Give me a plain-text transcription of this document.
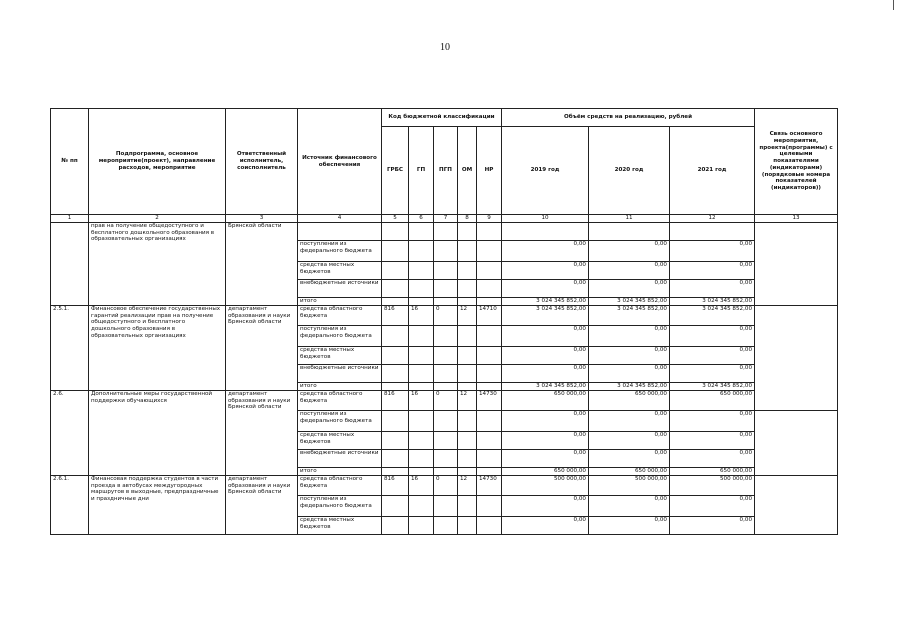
10
№ пп	Подпрограмма, основное мероприятие(проект), направление расходов, мероприятие	Ответственный исполнитель, соисполнитель	Источник финансового обеспечения	Код бюджетной классификации					Объём средств на реализацию, рублей			Связь основного мероприятия, проекта(программы) с целевыми показателями (индикаторами) (порядковые номера показателей (индикаторов))
				ГРБС	ГП	ПГП	ОМ	НР	2019 год	2020 год	2021 год	
1	2	3	4	5	6	7	8	9	10	11	12	13
	прав на получение общедоступного и бесплатного дошкольного образования в образовательных организациях	Брянской области										
			поступления из федерального бюджета						0,00	0,00	0,00	
			средства местных бюджетов						0,00	0,00	0,00	
			внебюджетные источники						0,00	0,00	0,00	
			итого						3 024 345 852,00	3 024 345 852,00	3 024 345 852,00	
2.5.1.	Финансовое обеспечение государственных гарантий реализации прав на получение общедоступного и бесплатного дошкольного образования в образовательных организациях	департамент образования и науки Брянской области	средства областного бюджета	816	16	0	12	14710	3 024 345 852,00	3 024 345 852,00	3 024 345 852,00	
			поступления из федерального бюджета						0,00	0,00	0,00	
			средства местных бюджетов						0,00	0,00	0,00	
			внебюджетные источники						0,00	0,00	0,00	
			итого						3 024 345 852,00	3 024 345 852,00	3 024 345 852,00	
2.6.	Дополнительные меры государственной поддержки обучающихся	департамент образования и науки Брянской области	средства областного бюджета	816	16	0	12	14730	650 000,00	650 000,00	650 000,00	
			поступления из федерального бюджета						0,00	0,00	0,00	
			средства местных бюджетов						0,00	0,00	0,00	
			внебюджетные источники						0,00	0,00	0,00	
			итого						650 000,00	650 000,00	650 000,00	
2.6.1.	Финансовая поддержка студентов в части проезда в автобусах междугородных маршрутов в выходные, предпраздничные и праздничные дни	департамент образования и науки Брянской области	средства областного бюджета	816	16	0	12	14730	500 000,00	500 000,00	500 000,00	
			поступления из федерального бюджета						0,00	0,00	0,00	
			средства местных бюджетов						0,00	0,00	0,00	
